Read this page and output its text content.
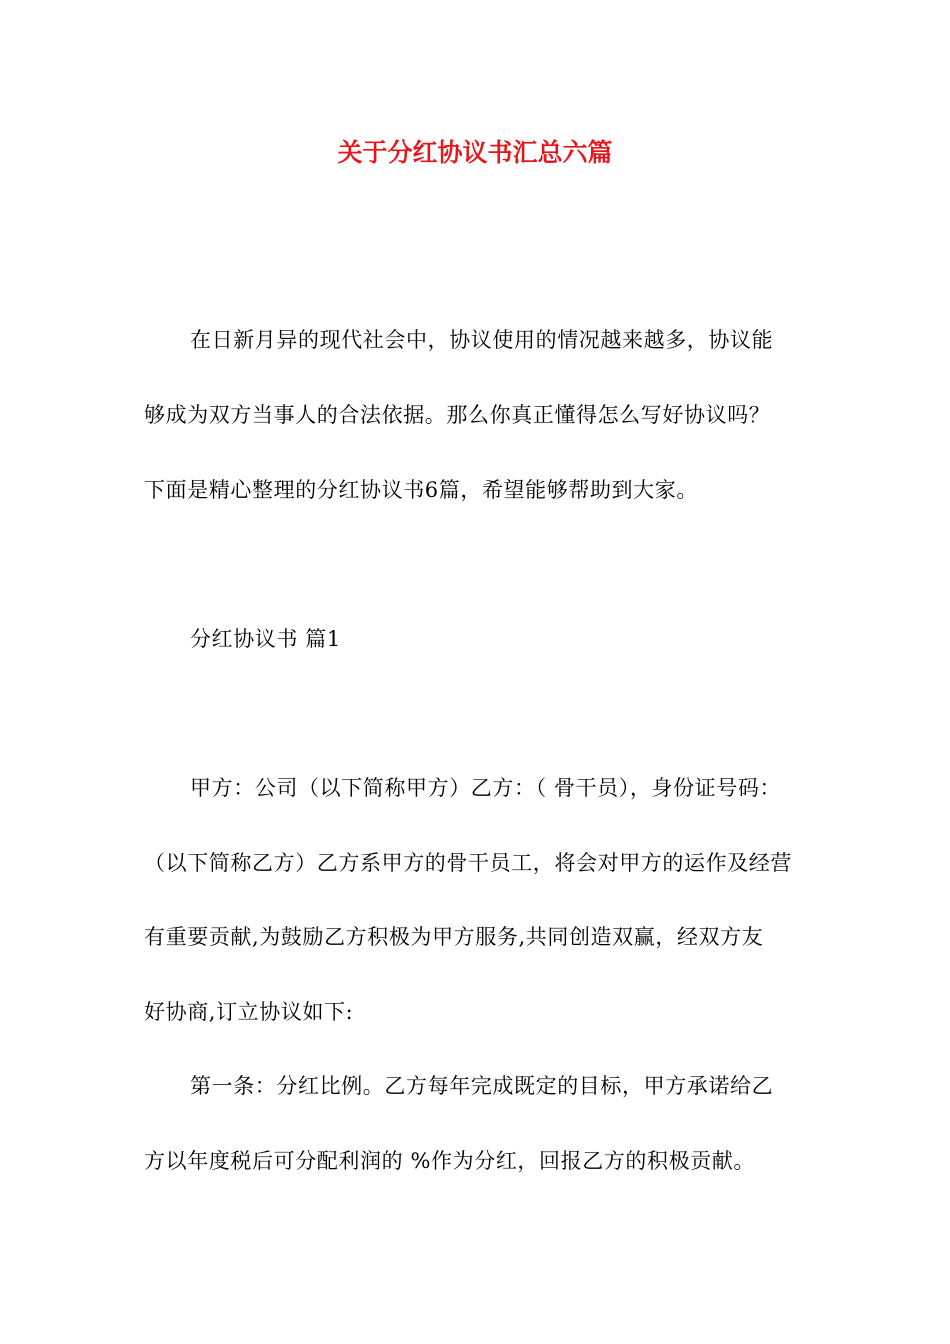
关于分红协议书汇总六篇
在日新月异的现代社会中，协议使用的情况越来越多，协议能
够成为双方当事人的合法依据。那么你真正懂得怎么写好协议吗？
下面是精心整理的分红协议书6篇，希望能够帮助到大家。
分红协议书 篇1
甲方：公司（以下简称甲方）乙方：（ 骨干员），身份证号码：
（以下简称乙方）乙方系甲方的骨干员工，将会对甲方的运作及经营
有重要贡献,为鼓励乙方积极为甲方服务,共同创造双赢，经双方友
好协商,订立协议如下:
第一条：分红比例。乙方每年完成既定的目标，甲方承诺给乙
方以年度税后可分配利润的 %作为分红，回报乙方的积极贡献。
